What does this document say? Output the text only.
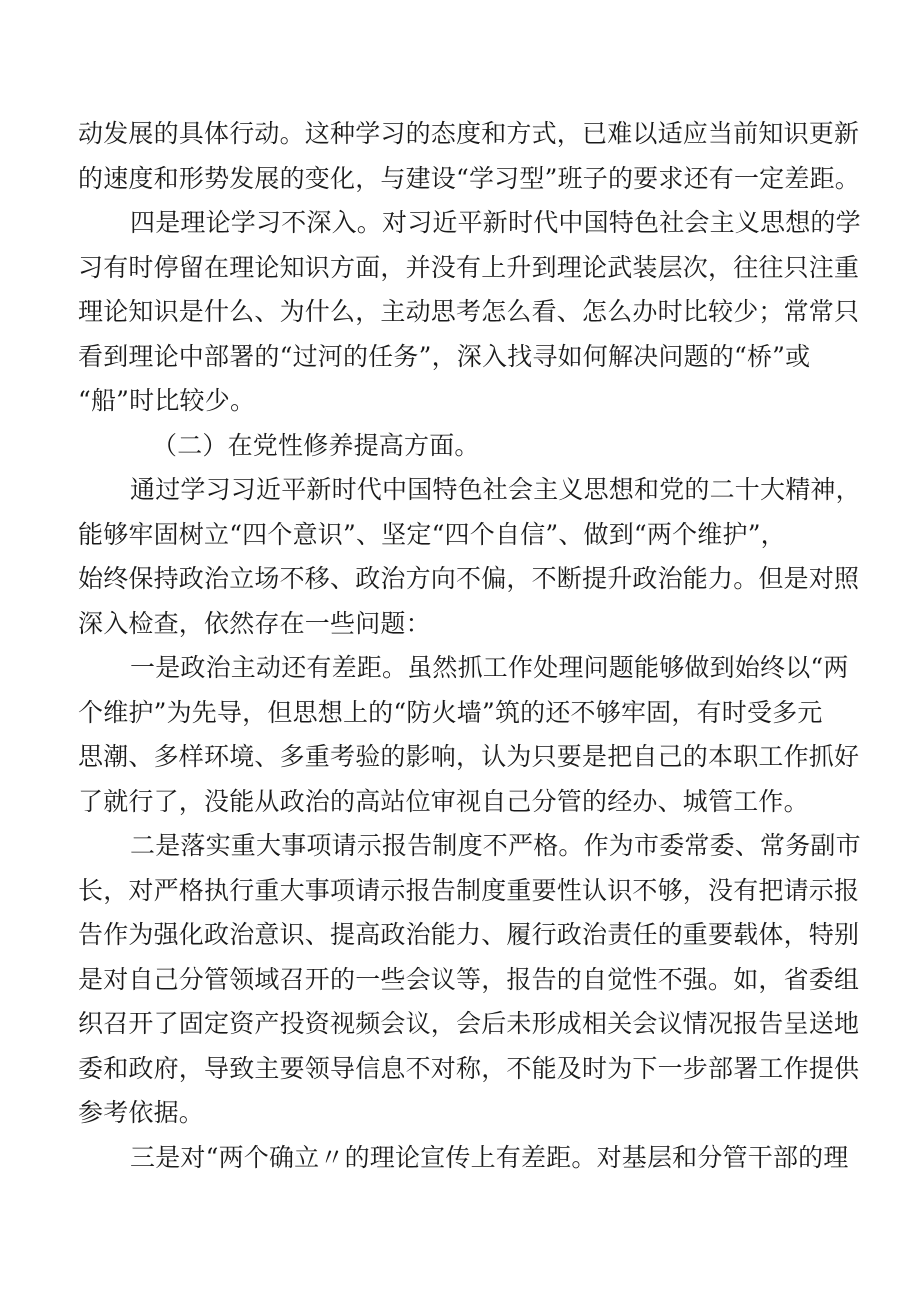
动发展的具体行动。这种学习的态度和方式，已难以适应当前知识更新
的速度和形势发展的变化，与建设“学习型”班子的要求还有一定差距。
四是理论学习不深入。对习近平新时代中国特色社会主义思想的学
习有时停留在理论知识方面，并没有上升到理论武装层次，往往只注重
理论知识是什么、为什么，主动思考怎么看、怎么办时比较少；常常只
看到理论中部署的“过河的任务”，深入找寻如何解决问题的“桥”或
“船”时比较少。
（二）在党性修养提高方面。
通过学习习近平新时代中国特色社会主义思想和党的二十大精神，
能够牢固树立“四个意识”、坚定“四个自信”、做到“两个维护”，
始终保持政治立场不移、政治方向不偏，不断提升政治能力。但是对照
深入检查，依然存在一些问题：
一是政治主动还有差距。虽然抓工作处理问题能够做到始终以“两
个维护”为先导，但思想上的“防火墙”筑的还不够牢固，有时受多元
思潮、多样环境、多重考验的影响，认为只要是把自己的本职工作抓好
了就行了，没能从政治的高站位审视自己分管的经办、城管工作。
二是落实重大事项请示报告制度不严格。作为市委常委、常务副市
长，对严格执行重大事项请示报告制度重要性认识不够，没有把请示报
告作为强化政治意识、提高政治能力、履行政治责任的重要载体，特别
是对自己分管领域召开的一些会议等，报告的自觉性不强。如，省委组
织召开了固定资产投资视频会议，会后未形成相关会议情况报告呈送地
委和政府，导致主要领导信息不对称，不能及时为下一步部署工作提供
参考依据。
三是对“两个确立〃的理论宣传上有差距。对基层和分管干部的理
